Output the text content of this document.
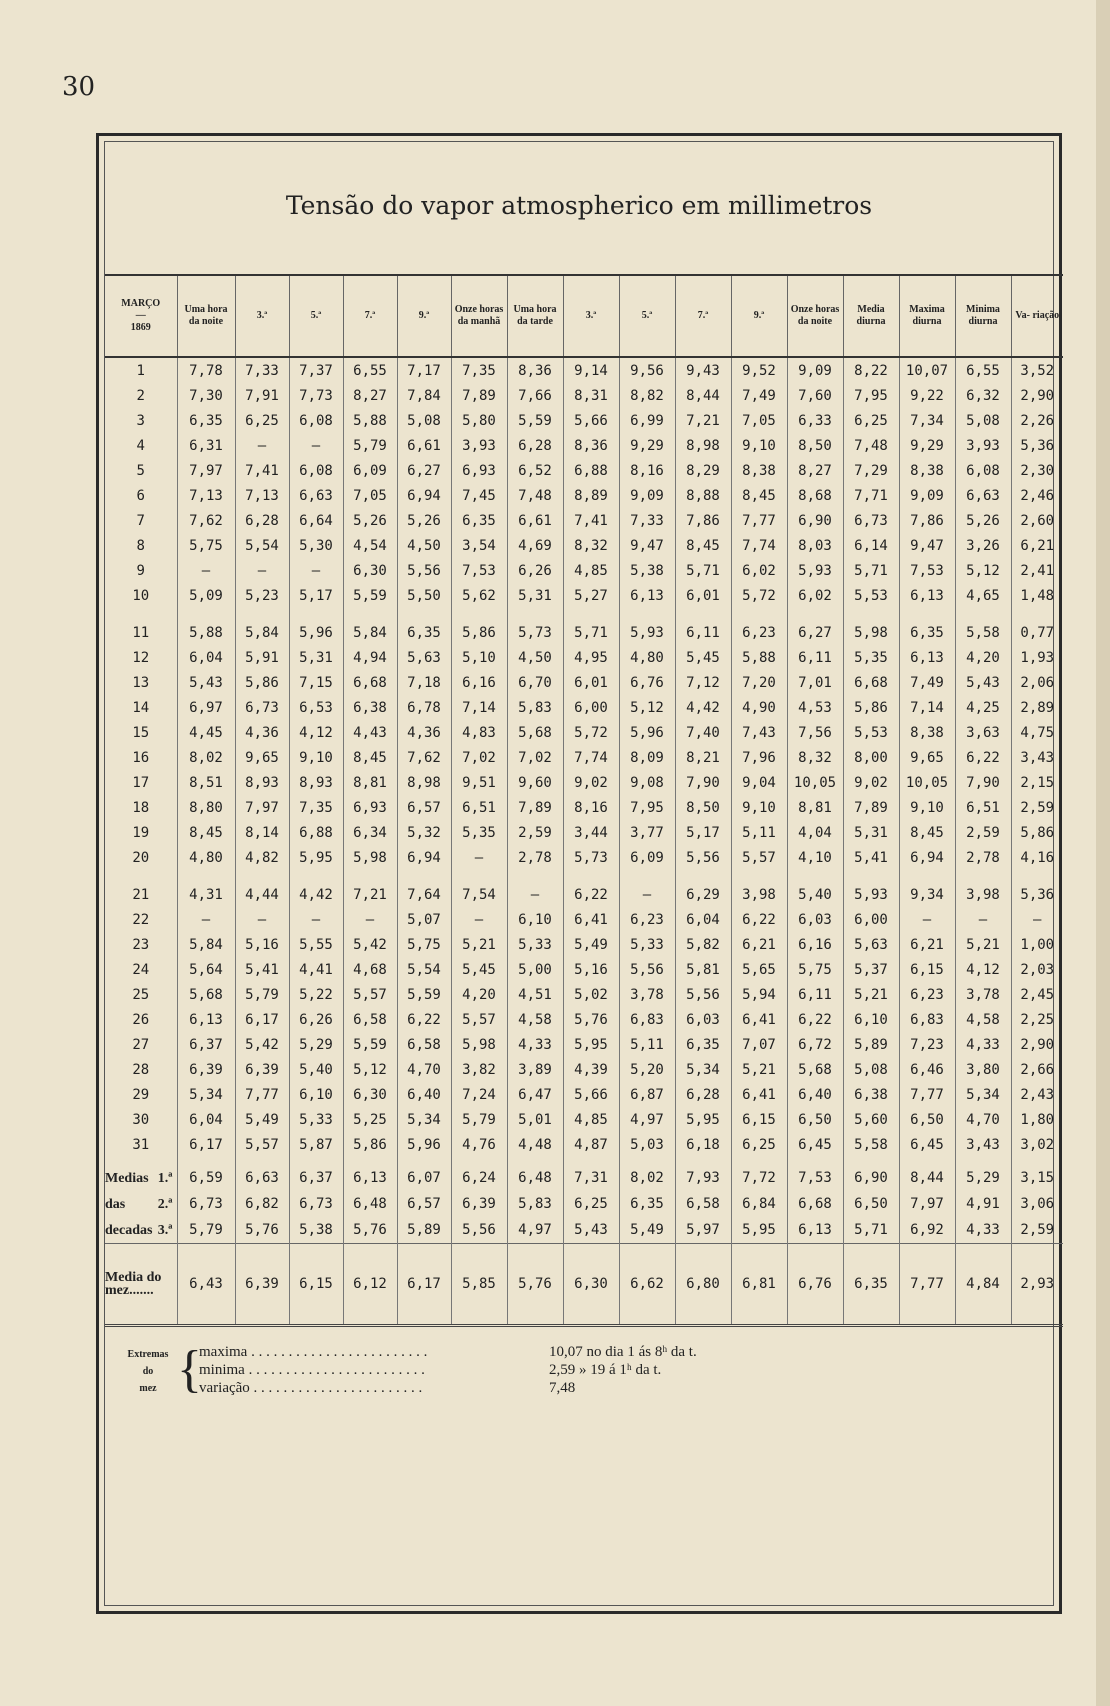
30
Tensão do vapor atmospherico em millimetros
MARÇO
—
1869	Uma hora da noite	3.ª	5.ª	7.ª	9.ª	Onze horas da manhã	Uma hora da tarde	3.ª	5.ª	7.ª	9.ª	Onze horas da noite	Media diurna	Maxima diurna	Minima diurna	Va- riação
1	7,78	7,33	7,37	6,55	7,17	7,35	8,36	9,14	9,56	9,43	9,52	9,09	8,22	10,07	6,55	3,52
2	7,30	7,91	7,73	8,27	7,84	7,89	7,66	8,31	8,82	8,44	7,49	7,60	7,95	9,22	6,32	2,90
3	6,35	6,25	6,08	5,88	5,08	5,80	5,59	5,66	6,99	7,21	7,05	6,33	6,25	7,34	5,08	2,26
4	6,31	—	—	5,79	6,61	3,93	6,28	8,36	9,29	8,98	9,10	8,50	7,48	9,29	3,93	5,36
5	7,97	7,41	6,08	6,09	6,27	6,93	6,52	6,88	8,16	8,29	8,38	8,27	7,29	8,38	6,08	2,30
6	7,13	7,13	6,63	7,05	6,94	7,45	7,48	8,89	9,09	8,88	8,45	8,68	7,71	9,09	6,63	2,46
7	7,62	6,28	6,64	5,26	5,26	6,35	6,61	7,41	7,33	7,86	7,77	6,90	6,73	7,86	5,26	2,60
8	5,75	5,54	5,30	4,54	4,50	3,54	4,69	8,32	9,47	8,45	7,74	8,03	6,14	9,47	3,26	6,21
9	—	—	—	6,30	5,56	7,53	6,26	4,85	5,38	5,71	6,02	5,93	5,71	7,53	5,12	2,41
10	5,09	5,23	5,17	5,59	5,50	5,62	5,31	5,27	6,13	6,01	5,72	6,02	5,53	6,13	4,65	1,48

11	5,88	5,84	5,96	5,84	6,35	5,86	5,73	5,71	5,93	6,11	6,23	6,27	5,98	6,35	5,58	0,77
12	6,04	5,91	5,31	4,94	5,63	5,10	4,50	4,95	4,80	5,45	5,88	6,11	5,35	6,13	4,20	1,93
13	5,43	5,86	7,15	6,68	7,18	6,16	6,70	6,01	6,76	7,12	7,20	7,01	6,68	7,49	5,43	2,06
14	6,97	6,73	6,53	6,38	6,78	7,14	5,83	6,00	5,12	4,42	4,90	4,53	5,86	7,14	4,25	2,89
15	4,45	4,36	4,12	4,43	4,36	4,83	5,68	5,72	5,96	7,40	7,43	7,56	5,53	8,38	3,63	4,75
16	8,02	9,65	9,10	8,45	7,62	7,02	7,02	7,74	8,09	8,21	7,96	8,32	8,00	9,65	6,22	3,43
17	8,51	8,93	8,93	8,81	8,98	9,51	9,60	9,02	9,08	7,90	9,04	10,05	9,02	10,05	7,90	2,15
18	8,80	7,97	7,35	6,93	6,57	6,51	7,89	8,16	7,95	8,50	9,10	8,81	7,89	9,10	6,51	2,59
19	8,45	8,14	6,88	6,34	5,32	5,35	2,59	3,44	3,77	5,17	5,11	4,04	5,31	8,45	2,59	5,86
20	4,80	4,82	5,95	5,98	6,94	—	2,78	5,73	6,09	5,56	5,57	4,10	5,41	6,94	2,78	4,16

21	4,31	4,44	4,42	7,21	7,64	7,54	—	6,22	—	6,29	3,98	5,40	5,93	9,34	3,98	5,36
22	—	—	—	—	5,07	—	6,10	6,41	6,23	6,04	6,22	6,03	6,00	—	—	—
23	5,84	5,16	5,55	5,42	5,75	5,21	5,33	5,49	5,33	5,82	6,21	6,16	5,63	6,21	5,21	1,00
24	5,64	5,41	4,41	4,68	5,54	5,45	5,00	5,16	5,56	5,81	5,65	5,75	5,37	6,15	4,12	2,03
25	5,68	5,79	5,22	5,57	5,59	4,20	4,51	5,02	3,78	5,56	5,94	6,11	5,21	6,23	3,78	2,45
26	6,13	6,17	6,26	6,58	6,22	5,57	4,58	5,76	6,83	6,03	6,41	6,22	6,10	6,83	4,58	2,25
27	6,37	5,42	5,29	5,59	6,58	5,98	4,33	5,95	5,11	6,35	7,07	6,72	5,89	7,23	4,33	2,90
28	6,39	6,39	5,40	5,12	4,70	3,82	3,89	4,39	5,20	5,34	5,21	5,68	5,08	6,46	3,80	2,66
29	5,34	7,77	6,10	6,30	6,40	7,24	6,47	5,66	6,87	6,28	6,41	6,40	6,38	7,77	5,34	2,43
30	6,04	5,49	5,33	5,25	5,34	5,79	5,01	4,85	4,97	5,95	6,15	6,50	5,60	6,50	4,70	1,80
31	6,17	5,57	5,87	5,86	5,96	4,76	4,48	4,87	5,03	6,18	6,25	6,45	5,58	6,45	3,43	3,02
Medias 1.ª	6,59	6,63	6,37	6,13	6,07	6,24	6,48	7,31	8,02	7,93	7,72	7,53	6,90	8,44	5,29	3,15
das 2.ª	6,73	6,82	6,73	6,48	6,57	6,39	5,83	6,25	6,35	6,58	6,84	6,68	6,50	7,97	4,91	3,06
decadas 3.ª	5,79	5,76	5,38	5,76	5,89	5,56	4,97	5,43	5,49	5,97	5,95	6,13	5,71	6,92	4,33	2,59
Media do mez.......	6,43	6,39	6,15	6,12	6,17	5,85	5,76	6,30	6,62	6,80	6,81	6,76	6,35	7,77	4,84	2,93
Extremas
do
mez {
maxima . . . . . . . . . . . . . . . . . . . . . . . .	10,07 no dia 1 ás 8ʰ da t.
minima . . . . . . . . . . . . . . . . . . . . . . . .	2,59 » 19 á 1ʰ da t.
variação . . . . . . . . . . . . . . . . . . . . . . .	7,48
